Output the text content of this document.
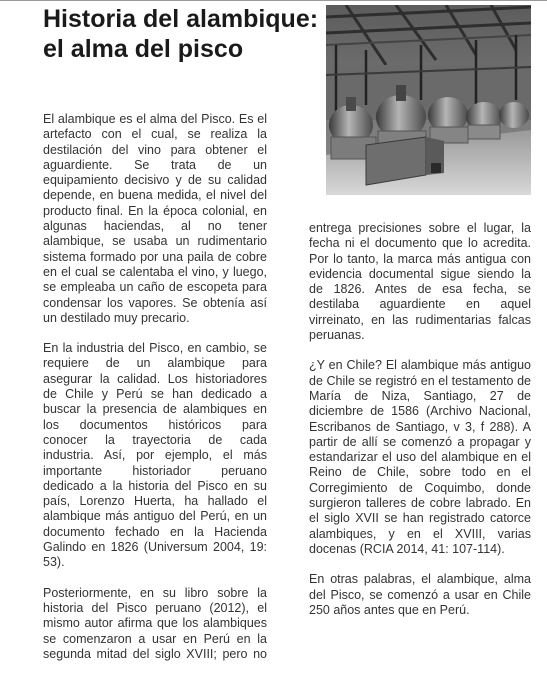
Historia del alambique:
el alma del pisco

El alambique es el alma del Pisco. Es el
artefacto con el cual, se realiza la
destilación del vino para obtener el
aguardiente. Se trata de un
equipamiento decisivo y de su calidad
depende, en buena medida, el nivel del
producto final. En la época colonial, en
algunas haciendas, al no tener
alambique, se usaba un rudimentario
sistema formado por una paila de cobre
en el cual se calentaba el vino, y luego,
se empleaba un caño de escopeta para
condensar los vapores. Se obtenía así
un destilado muy precario.

En la industria del Pisco, en cambio, se
requiere de un alambique para
asegurar la calidad. Los historiadores
de Chile y Perú se han dedicado a
buscar la presencia de alambiques en
los documentos históricos para
conocer la trayectoria de cada
industria. Así, por ejemplo, el más
importante historiador peruano
dedicado a la historia del Pisco en su
país, Lorenzo Huerta, ha hallado el
alambique más antiguo del Perú, en un
documento fechado en la Hacienda
Galindo en 1826 (Universum 2004, 19:
53).

Posteriormente, en su libro sobre la
historia del Pisco peruano (2012), el
mismo autor afirma que los alambiques
se comenzaron a usar en Perú en la
segunda mitad del siglo XVIII; pero no

entrega precisiones sobre el lugar, la
fecha ni el documento que lo acredita.
Por lo tanto, la marca más antigua con
evidencia documental sigue siendo la
de 1826. Antes de esa fecha, se
destilaba aguardiente en aquel
virreinato, en las rudimentarias falcas
peruanas.

¿Y en Chile? El alambique más antiguo
de Chile se registró en el testamento de
María de Niza, Santiago, 27 de
diciembre de 1586 (Archivo Nacional,
Escribanos de Santiago, v 3, f 288). A
partir de allí se comenzó a propagar y
estandarizar el uso del alambique en el
Reino de Chile, sobre todo en el
Corregimiento de Coquimbo, donde
surgieron talleres de cobre labrado. En
el siglo XVII se han registrado catorce
alambiques, y en el XVIII, varias
docenas (RCIA 2014, 41: 107-114).

En otras palabras, el alambique, alma
del Pisco, se comenzó a usar en Chile
250 años antes que en Perú.
